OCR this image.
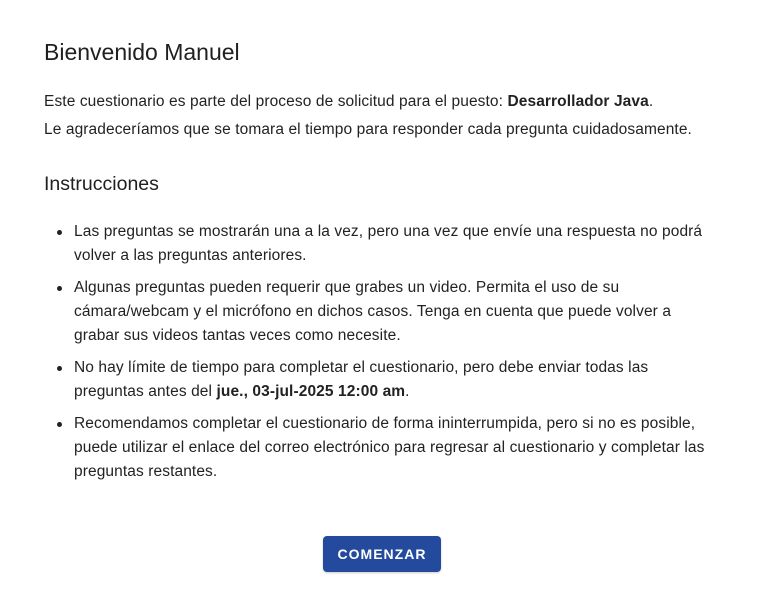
Bienvenido Manuel

Este cuestionario es parte del proceso de solicitud para el puesto: Desarrollador Java.

Le agradeceríamos que se tomara el tiempo para responder cada pregunta cuidadosamente.

Instrucciones
Las preguntas se mostrarán una a la vez, pero una vez que envíe una respuesta no podrá volver a las preguntas anteriores.
Algunas preguntas pueden requerir que grabes un video. Permita el uso de su cámara/webcam y el micrófono en dichos casos. Tenga en cuenta que puede volver a grabar sus videos tantas veces como necesite.
No hay límite de tiempo para completar el cuestionario, pero debe enviar todas las preguntas antes del jue., 03-jul-2025 12:00 am.
Recomendamos completar el cuestionario de forma ininterrumpida, pero si no es posible, puede utilizar el enlace del correo electrónico para regresar al cuestionario y completar las preguntas restantes.
COMENZAR
